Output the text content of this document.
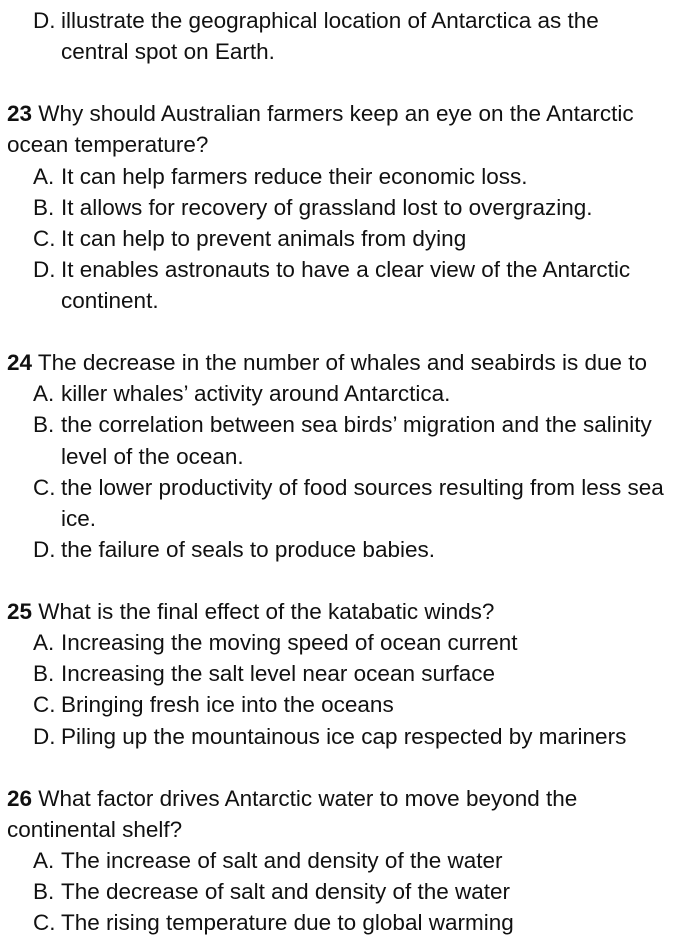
D. illustrate the geographical location of Antarctica as the
central spot on Earth.
23 Why should Australian farmers keep an eye on the Antarctic
ocean temperature?
A. It can help farmers reduce their economic loss.
B. It allows for recovery of grassland lost to overgrazing.
C. It can help to prevent animals from dying
D. It enables astronauts to have a clear view of the Antarctic
continent.
24 The decrease in the number of whales and seabirds is due to
A. killer whales’ activity around Antarctica.
B. the correlation between sea birds’ migration and the salinity
level of the ocean.
C. the lower productivity of food sources resulting from less sea
ice.
D. the failure of seals to produce babies.
25 What is the final effect of the katabatic winds?
A. Increasing the moving speed of ocean current
B. Increasing the salt level near ocean surface
C. Bringing fresh ice into the oceans
D. Piling up the mountainous ice cap respected by mariners
26 What factor drives Antarctic water to move beyond the
continental shelf?
A. The increase of salt and density of the water
B. The decrease of salt and density of the water
C. The rising temperature due to global warming
